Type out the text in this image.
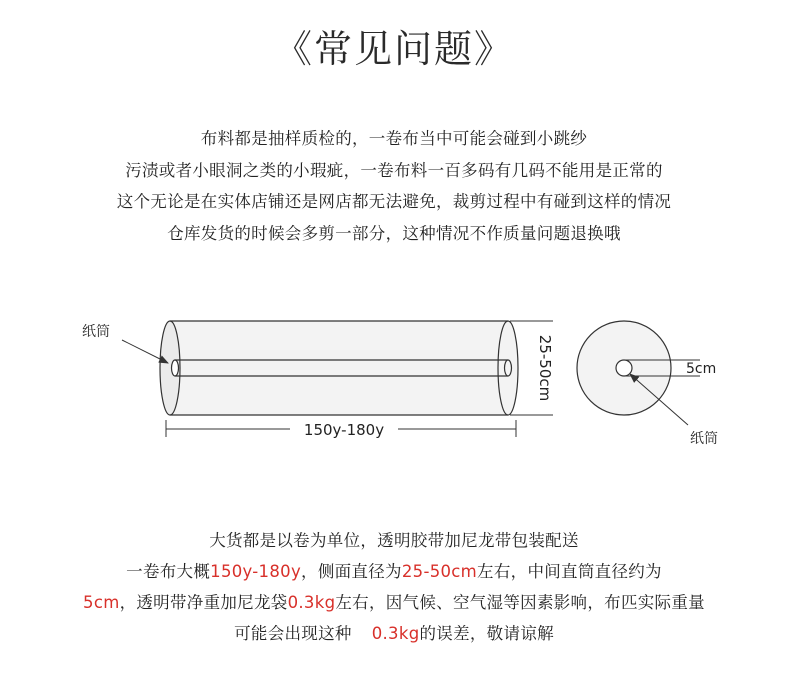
《常见问题》
布料都是抽样质检的，一卷布当中可能会碰到小跳纱
污渍或者小眼洞之类的小瑕疵，一卷布料一百多码有几码不能用是正常的
这个无论是在实体店铺还是网店都无法避免，裁剪过程中有碰到这样的情况
仓库发货的时候会多剪一部分，这种情况不作质量问题退换哦
纸筒
150y-180y
25-50cm	5cm
纸筒
大货都是以卷为单位，透明胶带加尼龙带包装配送
一卷布大概150y-180y，侧面直径为25-50cm左右，中间直筒直径约为
5cm，透明带净重加尼龙袋0.3kg左右，因气候、空气湿等因素影响，布匹实际重量
可能会出现这种 0.3kg的误差，敬请谅解
